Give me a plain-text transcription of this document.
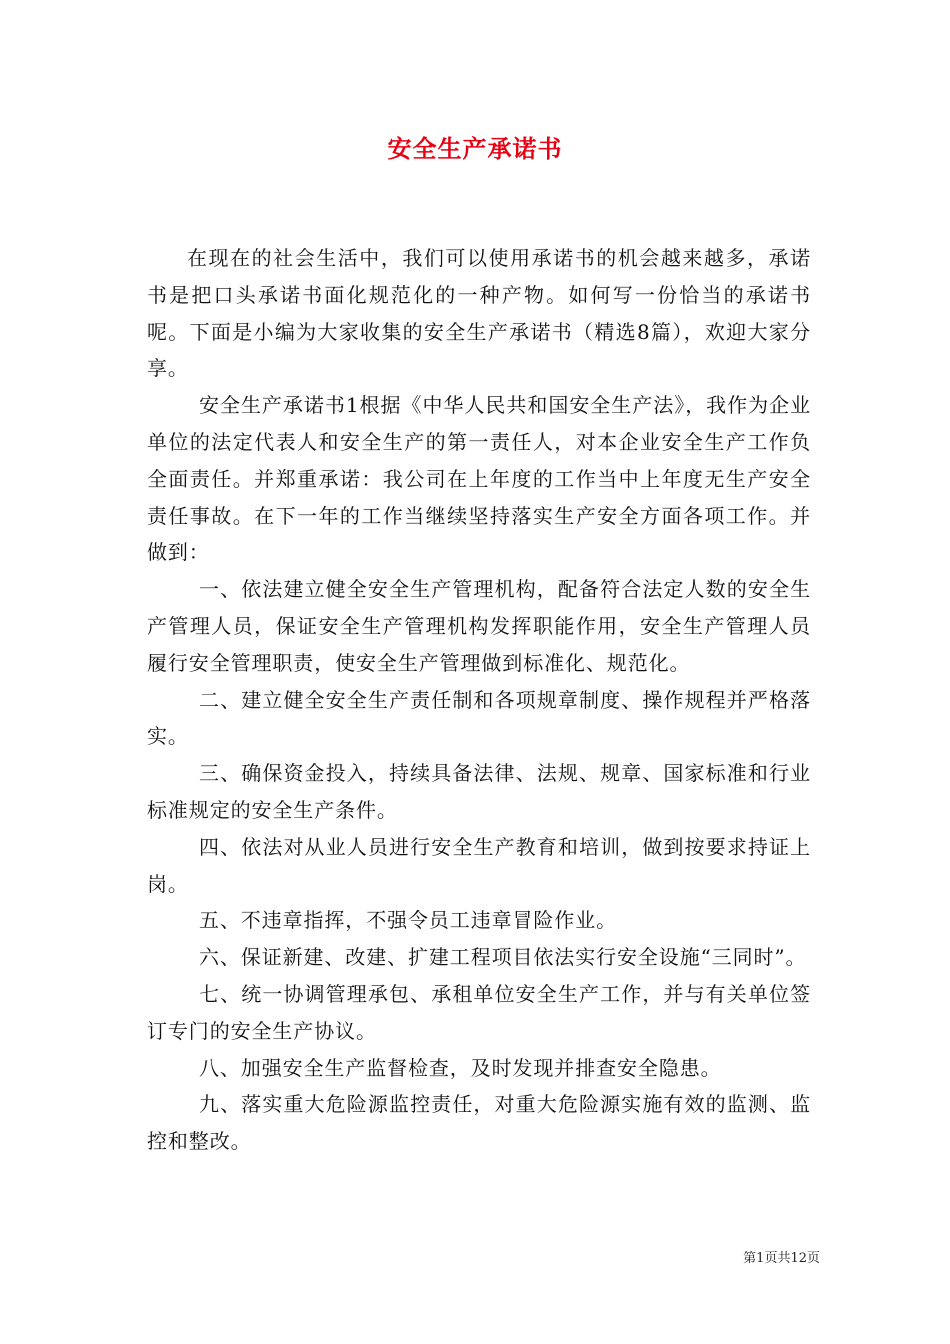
安全生产承诺书

在现在的社会生活中，我们可以使用承诺书的机会越来越多，承诺书是把口头承诺书面化规范化的一种产物。如何写一份恰当的承诺书呢。下面是小编为大家收集的安全生产承诺书（精选8篇），欢迎大家分享。

安全生产承诺书1根据《中华人民共和国安全生产法》，我作为企业单位的法定代表人和安全生产的第一责任人，对本企业安全生产工作负全面责任。并郑重承诺：我公司在上年度的工作当中上年度无生产安全责任事故。在下一年的工作当继续坚持落实生产安全方面各项工作。并做到：

一、依法建立健全安全生产管理机构，配备符合法定人数的安全生产管理人员，保证安全生产管理机构发挥职能作用，安全生产管理人员履行安全管理职责，使安全生产管理做到标准化、规范化。

二、建立健全安全生产责任制和各项规章制度、操作规程并严格落实。

三、确保资金投入，持续具备法律、法规、规章、国家标准和行业标准规定的安全生产条件。

四、依法对从业人员进行安全生产教育和培训，做到按要求持证上岗。

五、不违章指挥，不强令员工违章冒险作业。

六、保证新建、改建、扩建工程项目依法实行安全设施“三同时”。

七、统一协调管理承包、承租单位安全生产工作，并与有关单位签订专门的安全生产协议。

八、加强安全生产监督检查，及时发现并排查安全隐患。

九、落实重大危险源监控责任，对重大危险源实施有效的监测、监控和整改。

第1页共12页
